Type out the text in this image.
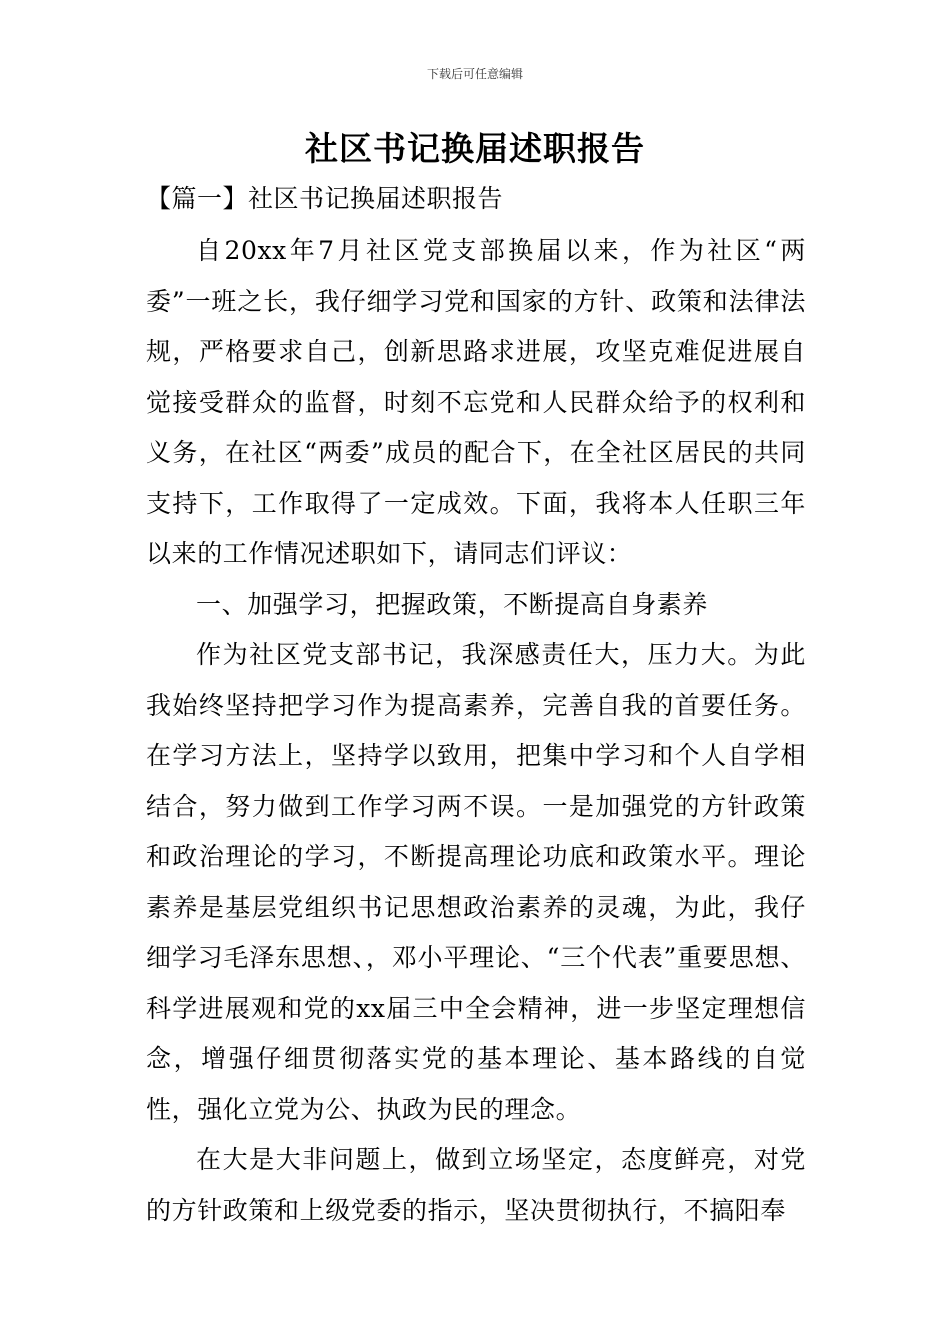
下载后可任意编辑
社区书记换届述职报告
【篇一】社区书记换届述职报告

自20xx年7月社区党支部换届以来，作为社区“两委”一班之长，我仔细学习党和国家的方针、政策和法律法规，严格要求自己，创新思路求进展，攻坚克难促进展自觉接受群众的监督，时刻不忘党和人民群众给予的权利和义务，在社区“两委”成员的配合下，在全社区居民的共同支持下，工作取得了一定成效。下面，我将本人任职三年以来的工作情况述职如下，请同志们评议：

一、加强学习，把握政策，不断提高自身素养

作为社区党支部书记，我深感责任大，压力大。为此我始终坚持把学习作为提高素养，完善自我的首要任务。在学习方法上，坚持学以致用，把集中学习和个人自学相结合，努力做到工作学习两不误。一是加强党的方针政策和政治理论的学习，不断提高理论功底和政策水平。理论素养是基层党组织书记思想政治素养的灵魂，为此，我仔细学习毛泽东思想、，邓小平理论、“三个代表”重要思想、科学进展观和党的xx届三中全会精神，进一步坚定理想信念，增强仔细贯彻落实党的基本理论、基本路线的自觉性，强化立党为公、执政为民的理念。

在大是大非问题上，做到立场坚定，态度鲜亮，对党的方针政策和上级党委的指示，坚决贯彻执行，不搞阳奉
